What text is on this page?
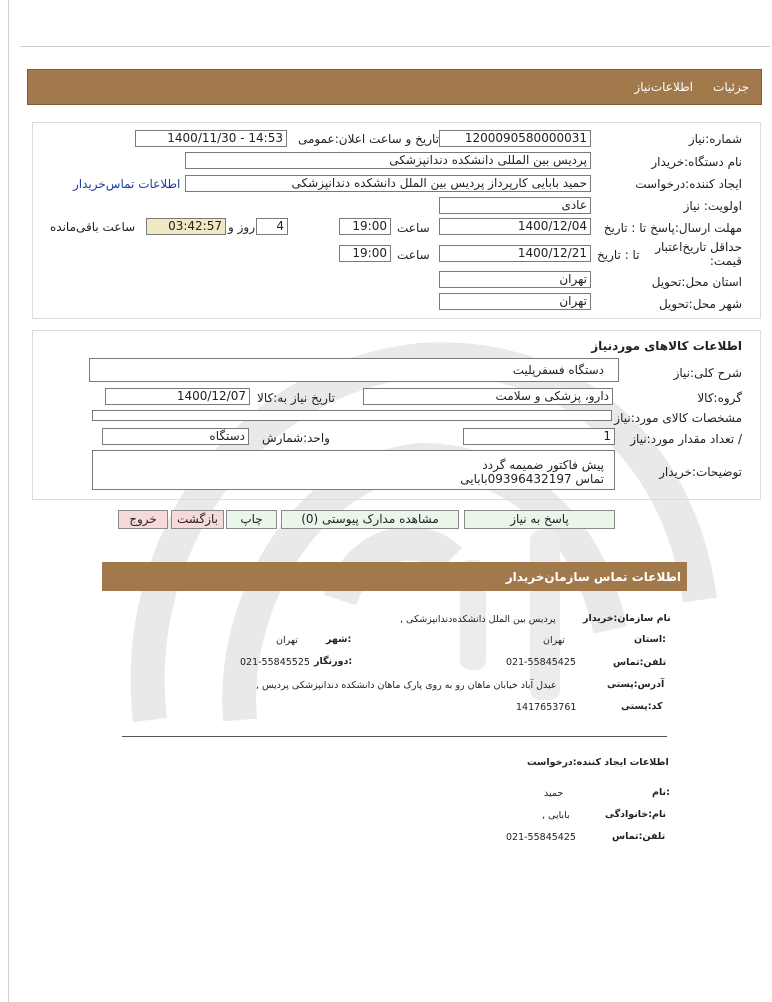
جزئیات
اطلاعات‌نیاز
شماره:نیاز
1200090580000031
تاریخ و ساعت اعلان:عمومی
1400/11/30 - 14:53
نام دستگاه:خریدار
پردیس بین المللی دانشکده دندانپزشکی
ایجاد کننده:درخواست
حمید بابایی کارپرداز پردیس بین الملل دانشکده دندانپزشکی
اطلاعات تماس‌خریدار
اولویت: نیاز
عادی
مهلت ارسال:پاسخ تا : تاریخ
1400/12/04
ساعت
19:00
4
روز و
03:42:57
ساعت باقی‌مانده
حداقل تاریخ‌اعتبار قیمت:
تا : تاریخ
1400/12/21
ساعت
19:00
استان محل:تحویل
تهران
شهر محل:تحویل
تهران
اطلاعات کالاهای موردنیاز
شرح کلی:نیاز
دستگاه فسفرپلیت
گروه:کالا
دارو، پزشکی و سلامت
تاریخ نیاز به:کالا
1400/12/07
مشخصات کالای مورد:نیاز
/ تعداد مقدار مورد:نیاز
1
واحد:شمارش
دستگاه
توضیحات:خریدار
پیش فاکتور ضمیمه گردد
تماس 09396432197بابایی
پاسخ به نیاز
مشاهده مدارک پیوستی (0)
چاپ
بازگشت
خروج
اطلاعات تماس سازمان‌خریدار
نام سازمان:خریدار
پردیس بین الملل دانشکده‌دندانپزشکی ,
:استان
تهران
:شهر
تهران
تلفن:تماس
021-55845425
:دورنگار
021-55845525
آدرس:پستی
عبدل آباد خیابان ماهان رو به روی پارک ماهان دانشکده دندانپزشکی پردیس ,
کد:پستی
1417653761
اطلاعات ایجاد کننده:درخواست
:نام
حمید
نام:خانوادگی
بابایی ,
تلفن:تماس
021-55845425
